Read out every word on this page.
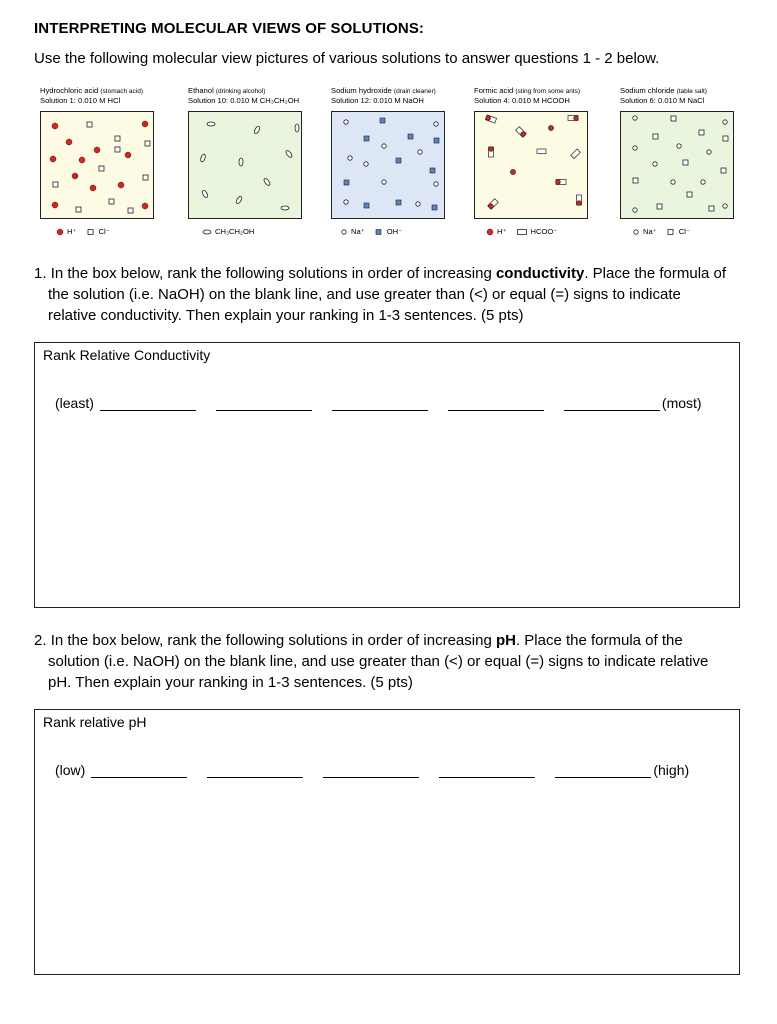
INTERPRETING MOLECULAR VIEWS OF SOLUTIONS:
Use the following molecular view pictures of various solutions to answer questions 1 - 2 below.
Hydrochloric acid (stomach acid)
Solution 1: 0.010 M HCl
H⁺	Cl⁻
Ethanol (drinking alcohol)
Solution 10: 0.010 M CH₃CH₂OH
CH₃CH₂OH
Sodium hydroxide (drain cleaner)
Solution 12: 0.010 M NaOH
Na⁺	OH⁻
Formic acid (sting from some ants)
Solution 4: 0.010 M HCOOH
H⁺	HCOO⁻
Sodium chloride (table salt)
Solution 6: 0.010 M NaCl
Na⁺	Cl⁻
1. In the box below, rank the following solutions in order of increasing conductivity. Place the formula of
the solution (i.e. NaOH) on the blank line, and use greater than (<) or equal (=) signs to indicate
relative conductivity. Then explain your ranking in 1-3 sentences. (5 pts)
Rank Relative Conductivity
(least)	(most)
2. In the box below, rank the following solutions in order of increasing pH. Place the formula of the
solution (i.e. NaOH) on the blank line, and use greater than (<) or equal (=) signs to indicate relative
pH. Then explain your ranking in 1-3 sentences. (5 pts)
Rank relative pH
(low)	(high)
